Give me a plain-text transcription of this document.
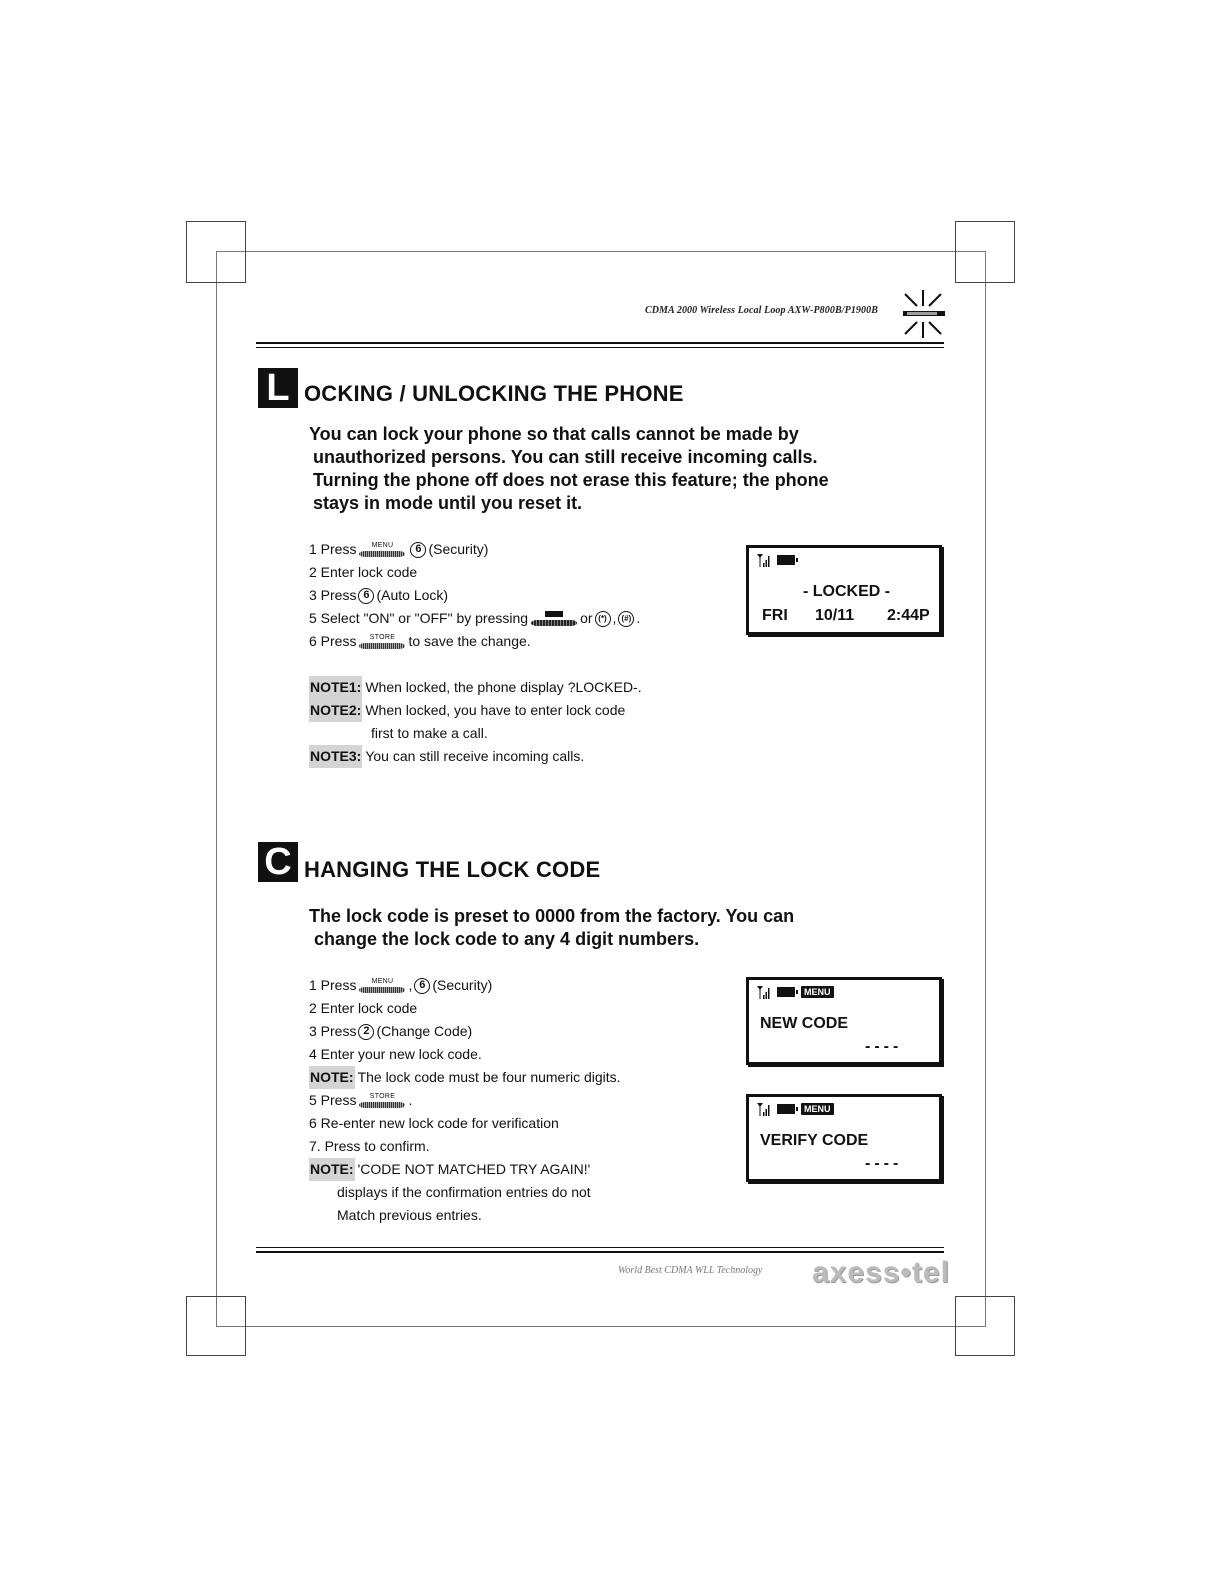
CDMA 2000 Wireless Local Loop AXW-P800B/P1900B
L OCKING / UNLOCKING THE PHONE
You can lock your phone so that calls cannot be made by
unauthorized persons. You can still receive incoming calls.
Turning the phone off does not erase this feature; the phone
stays in mode until you reset it.
1 Press	MENU	6 (Security)
2 Enter lock code
3 Press 6 (Auto Lock)
5 Select "ON" or "OFF" by pressing	or (*) , (#) .
6 Press	STORE to save the change.
NOTE1: When locked, the phone display ?LOCKED-.
NOTE2: When locked, you have to enter lock code
first to make a call.
NOTE3: You can still receive incoming calls.
- LOCKED -
FRI 10/11 2:44P
C HANGING THE LOCK CODE
The lock code is preset to 0000 from the factory. You can
change the lock code to any 4 digit numbers.
1 Press	MENU	, 6 (Security)
2 Enter lock code
3 Press 2 (Change Code)
4 Enter your new lock code.
NOTE: The lock code must be four numeric digits.
5 Press	STORE .
6 Re-enter new lock code for verification
7. Press to confirm.
NOTE: 'CODE NOT MATCHED TRY AGAIN!'
displays if the confirmation entries do not
Match previous entries.
MENU
NEW CODE
----
MENU
VERIFY CODE
----
World Best CDMA WLL Technology axess•tel
